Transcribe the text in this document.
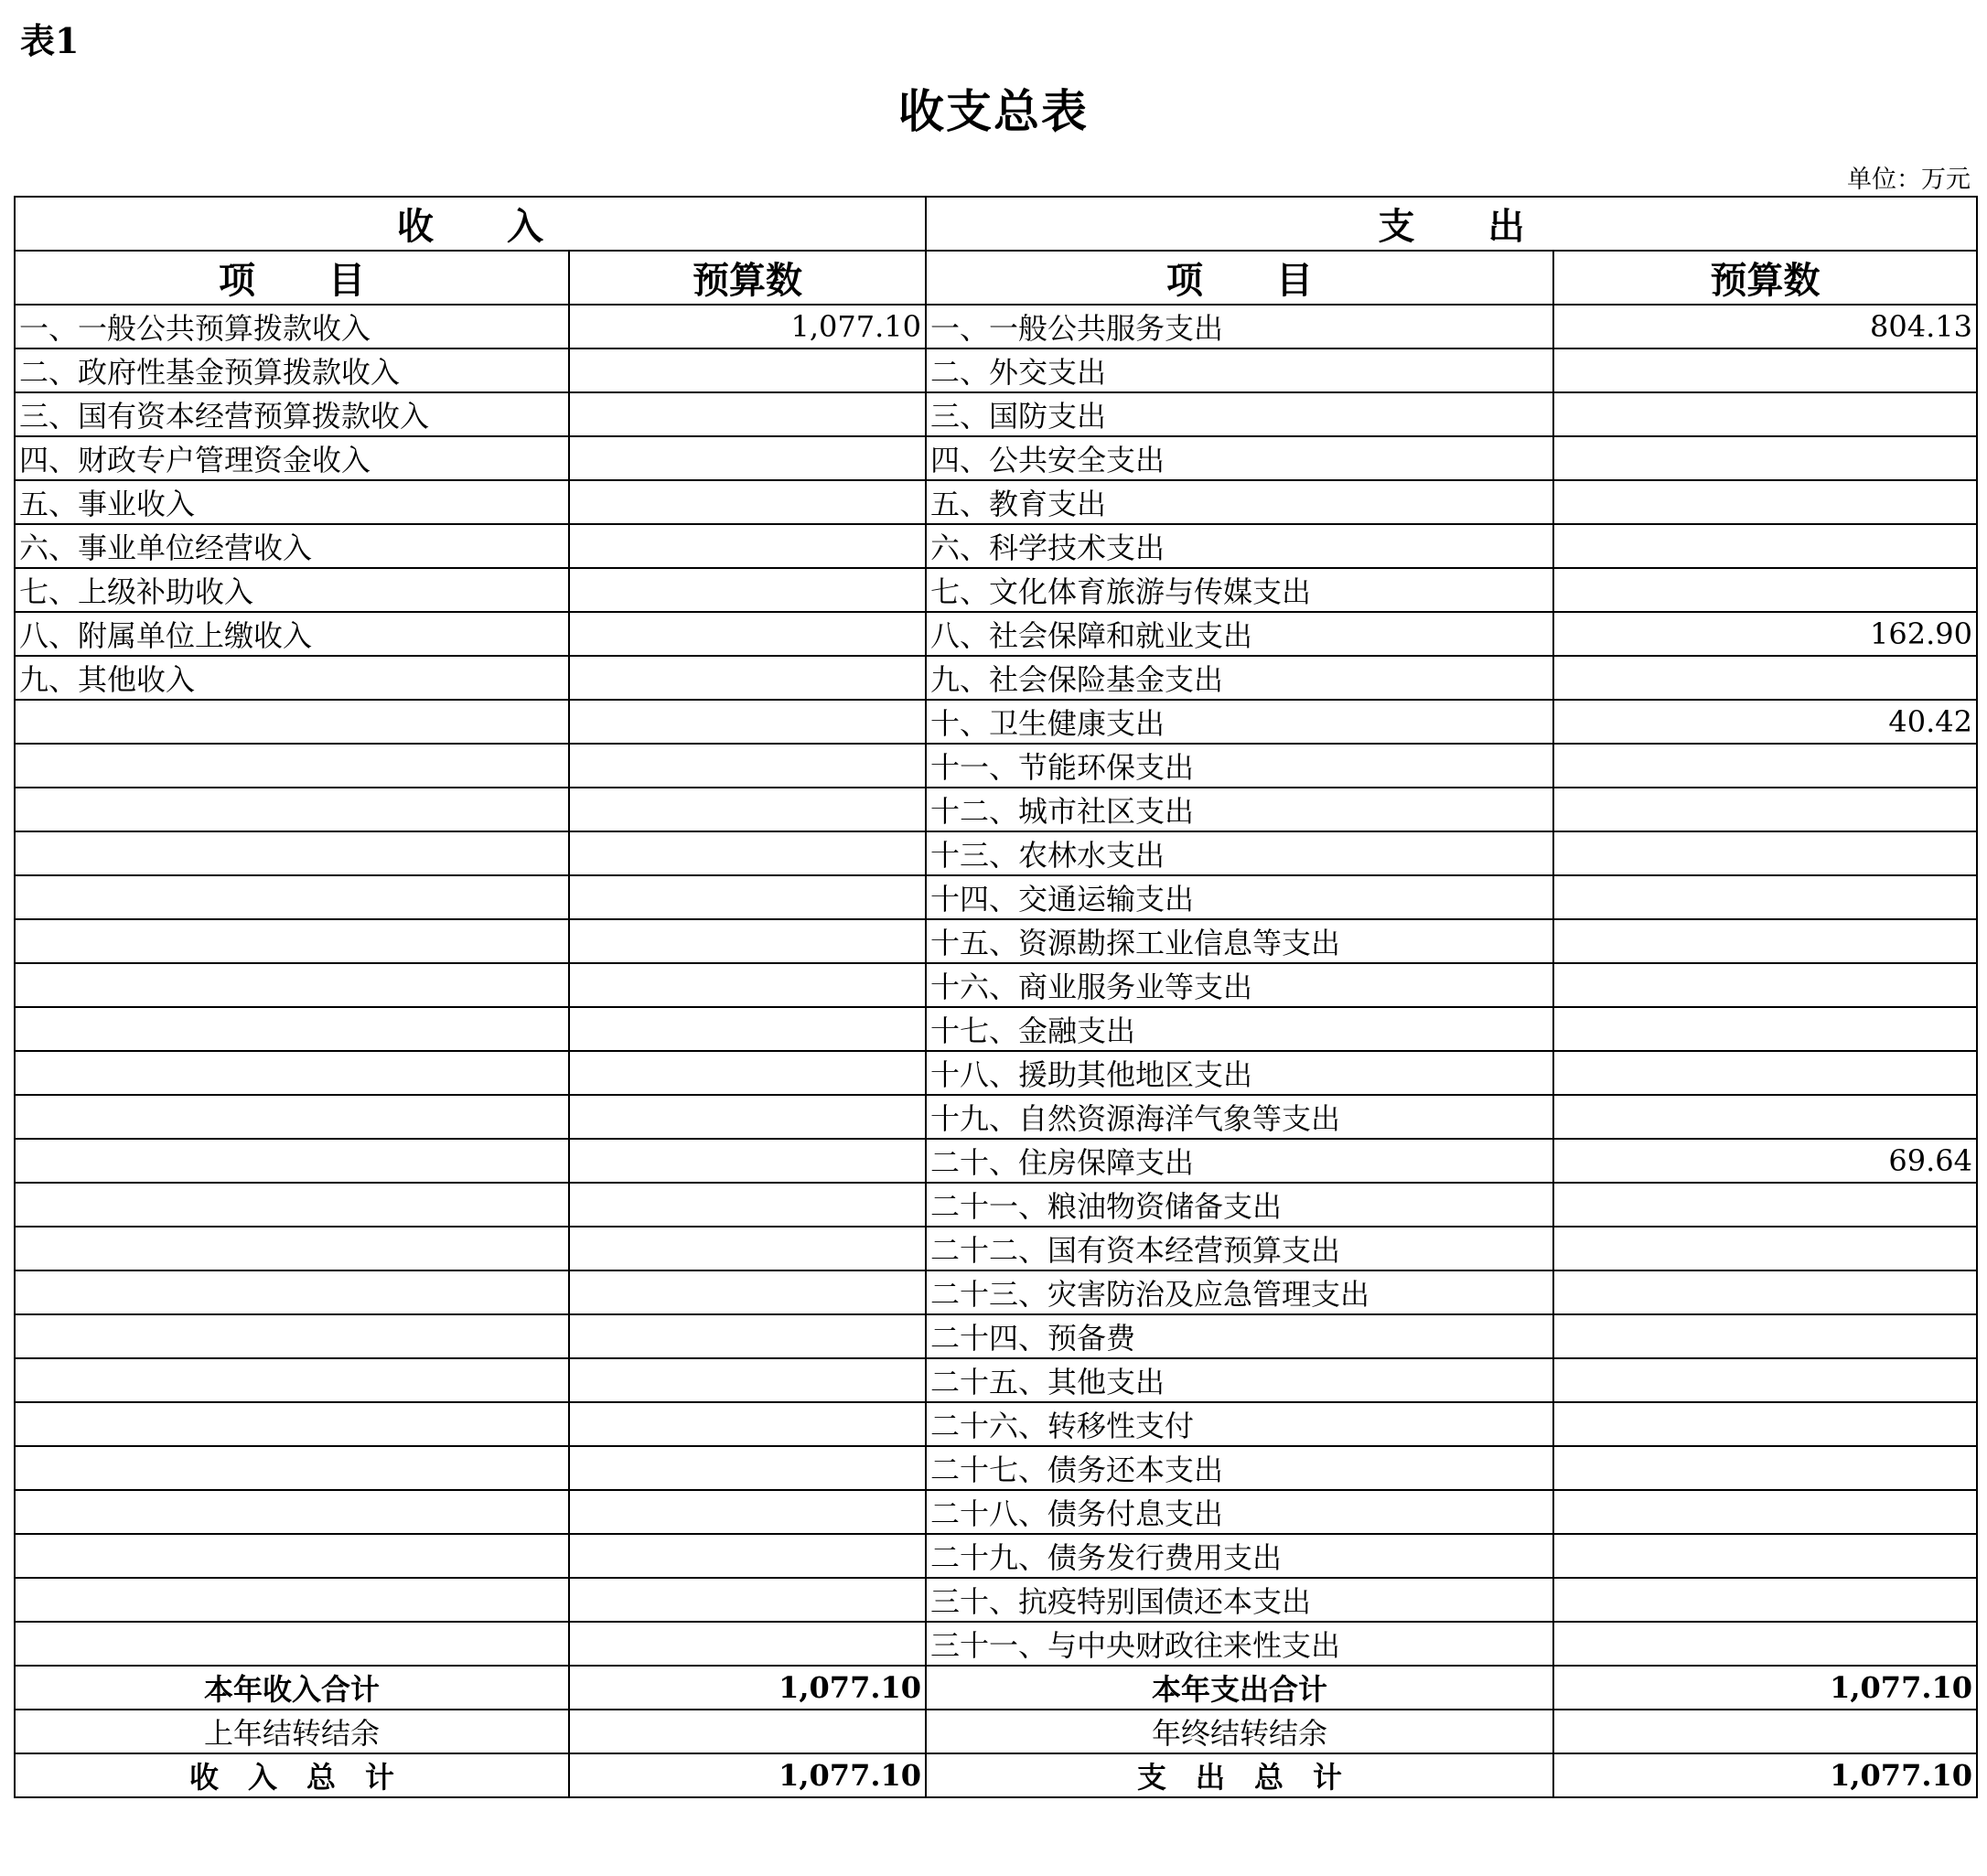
表1
收支总表
单位：万元
收　　入		支　　出	
项　　目	预算数	项　　目	预算数
一、一般公共预算拨款收入	1,077.10	一、一般公共服务支出	804.13
二、政府性基金预算拨款收入		二、外交支出	
三、国有资本经营预算拨款收入		三、国防支出	
四、财政专户管理资金收入		四、公共安全支出	
五、事业收入		五、教育支出	
六、事业单位经营收入		六、科学技术支出	
七、上级补助收入		七、文化体育旅游与传媒支出	
八、附属单位上缴收入		八、社会保障和就业支出	162.90
九、其他收入		九、社会保险基金支出	
		十、卫生健康支出	40.42
		十一、节能环保支出	
		十二、城市社区支出	
		十三、农林水支出	
		十四、交通运输支出	
		十五、资源勘探工业信息等支出	
		十六、商业服务业等支出	
		十七、金融支出	
		十八、援助其他地区支出	
		十九、自然资源海洋气象等支出	
		二十、住房保障支出	69.64
		二十一、粮油物资储备支出	
		二十二、国有资本经营预算支出	
		二十三、灾害防治及应急管理支出	
		二十四、预备费	
		二十五、其他支出	
		二十六、转移性支付	
		二十七、债务还本支出	
		二十八、债务付息支出	
		二十九、债务发行费用支出	
		三十、抗疫特别国债还本支出	
		三十一、与中央财政往来性支出	
本年收入合计	1,077.10	本年支出合计	1,077.10
上年结转结余		年终结转结余	
收　入　总　计	1,077.10	支　出　总　计	1,077.10
